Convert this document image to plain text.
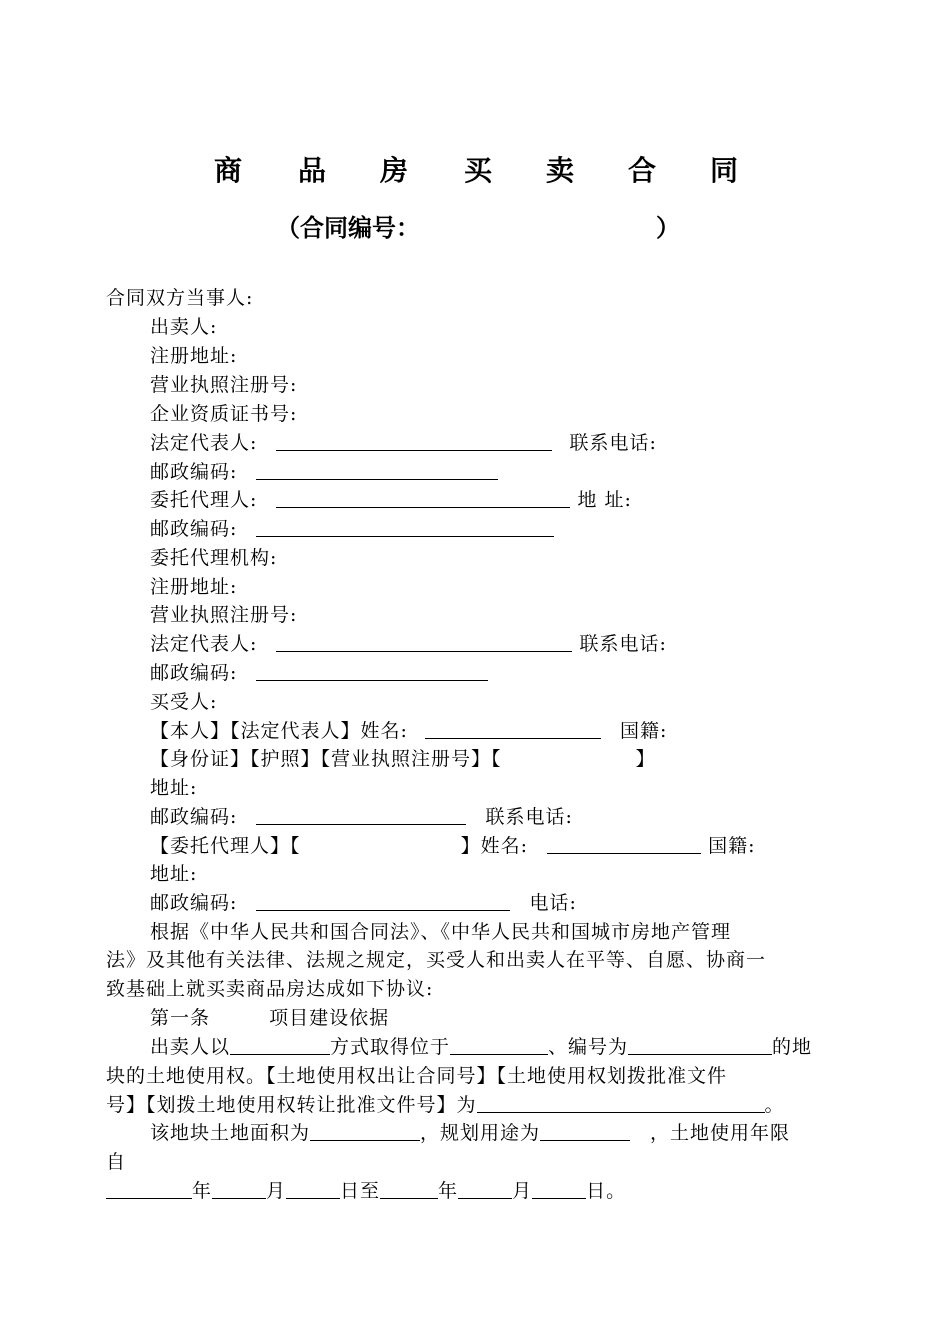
商 品 房 买 卖 合 同
（合同编号：	）
合同双方当事人:
出卖人:
注册地址:
营业执照注册号:
企业资质证书号:
法定代表人:	联系电话:
邮政编码:
委托代理人:	地 址:
邮政编码:
委托代理机构:
注册地址:
营业执照注册号:
法定代表人:	联系电话:
邮政编码:
买受人:
【本人】【法定代表人】姓名:	国籍:
【身份证】【护照】【营业执照注册号】【	】
地址:
邮政编码:	联系电话:
【委托代理人】【	】姓名:	国籍:
地址:
邮政编码:	电话:
根据《中华人民共和国合同法》、《中华人民共和国城市房地产管理
法》及其他有关法律、法规之规定，买受人和出卖人在平等、自愿、协商一
致基础上就买卖商品房达成如下协议:
第一条	项目建设依据
出卖人以	方式取得位于	、编号为	的地
块的土地使用权。【土地使用权出让合同号】【土地使用权划拨批准文件
号】【划拨土地使用权转让批准文件号】为	。
该地块土地面积为	，规划用途为	，土地使用年限
自
年	月	日至	年	月	日。
